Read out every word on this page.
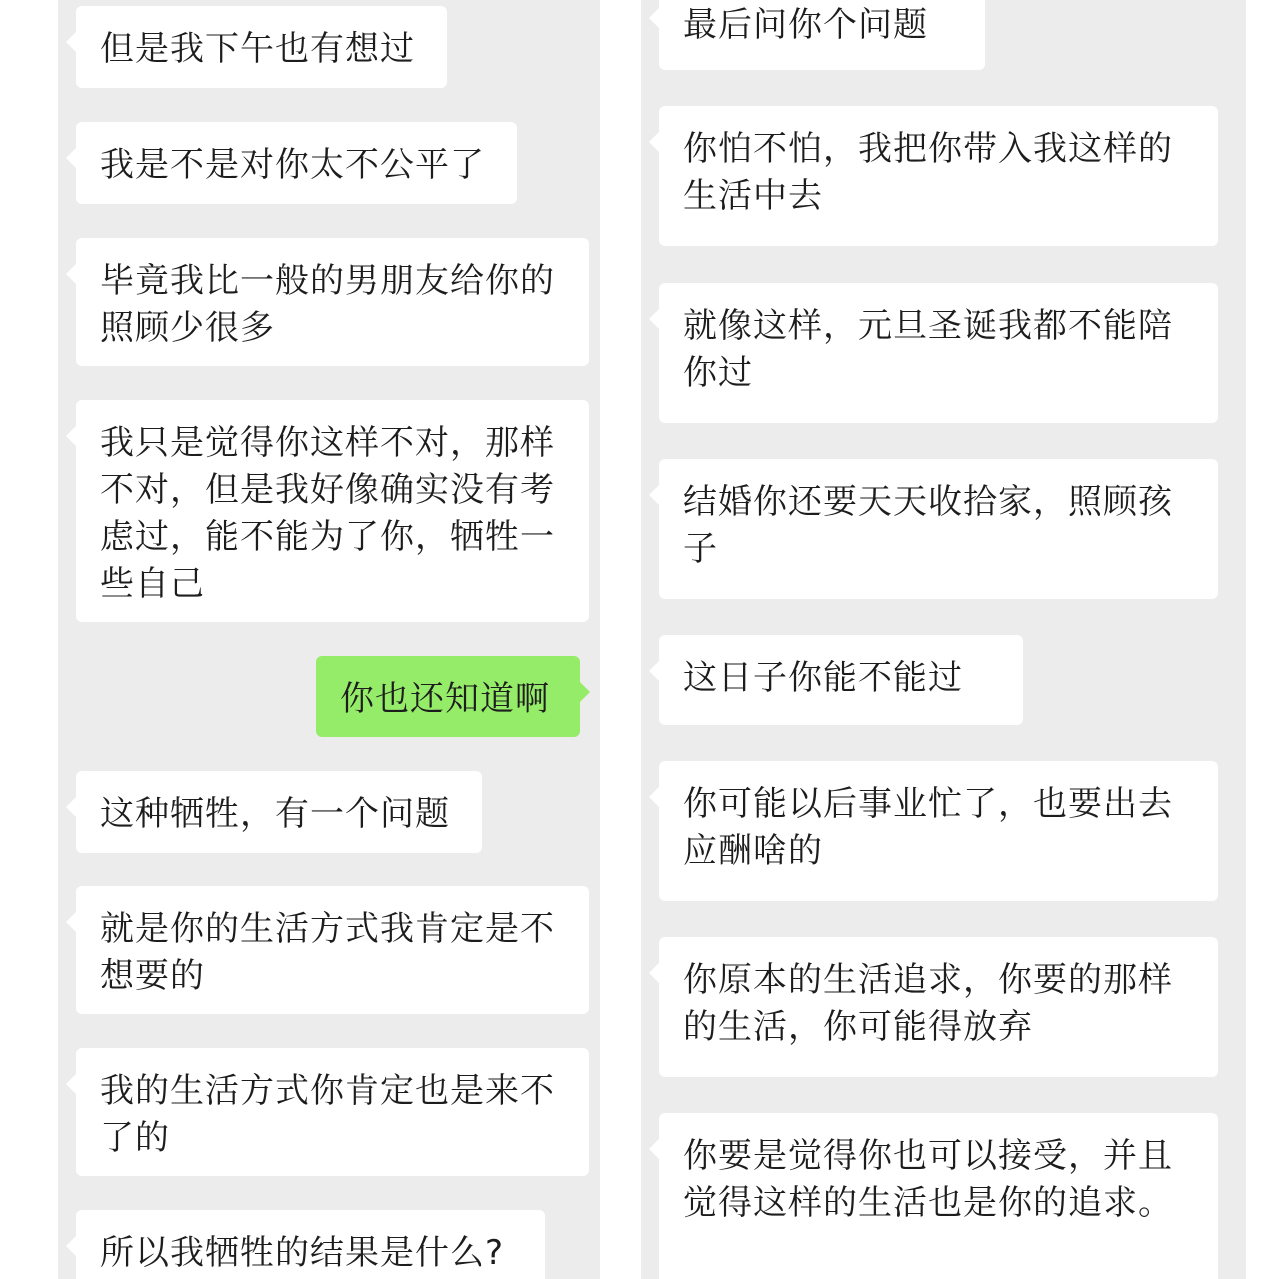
但是我下午也有想过
我是不是对你太不公平了
毕竟我比一般的男朋友给你的照顾少很多
我只是觉得你这样不对，那样不对，但是我好像确实没有考虑过，能不能为了你，牺牲一些自己
你也还知道啊
这种牺牲，有一个问题
就是你的生活方式我肯定是不想要的
我的生活方式你肯定也是来不了的
所以我牺牲的结果是什么?
最后问你个问题
你怕不怕，我把你带入我这样的生活中去
就像这样，元旦圣诞我都不能陪你过
结婚你还要天天收拾家，照顾孩子
这日子你能不能过
你可能以后事业忙了，也要出去应酬啥的
你原本的生活追求，你要的那样的生活，你可能得放弃
你要是觉得你也可以接受，并且觉得这样的生活也是你的追求。
